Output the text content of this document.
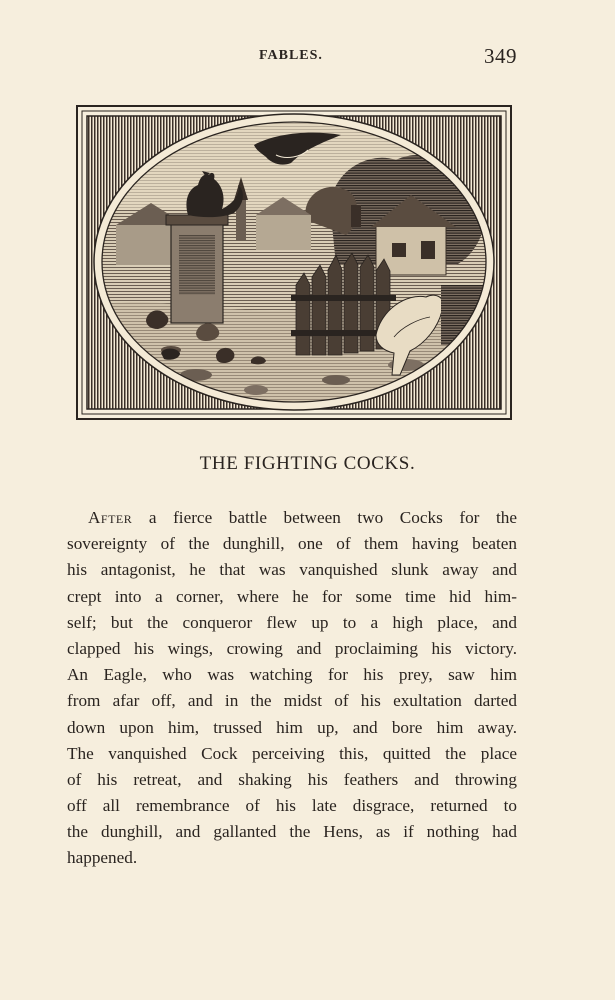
FABLES.	349
THE FIGHTING COCKS.

After a fierce battle between two Cocks for the
sovereignty of the dunghill, one of them having beaten
his antagonist, he that was vanquished slunk away and
crept into a corner, where he for some time hid him-
self; but the conqueror flew up to a high place, and
clapped his wings, crowing and proclaiming his victory.
An Eagle, who was watching for his prey, saw him
from afar off, and in the midst of his exultation darted
down upon him, trussed him up, and bore him away.
The vanquished Cock perceiving this, quitted the place
of his retreat, and shaking his feathers and throwing
off all remembrance of his late disgrace, returned to
the dunghill, and gallanted the Hens, as if nothing had
happened.
